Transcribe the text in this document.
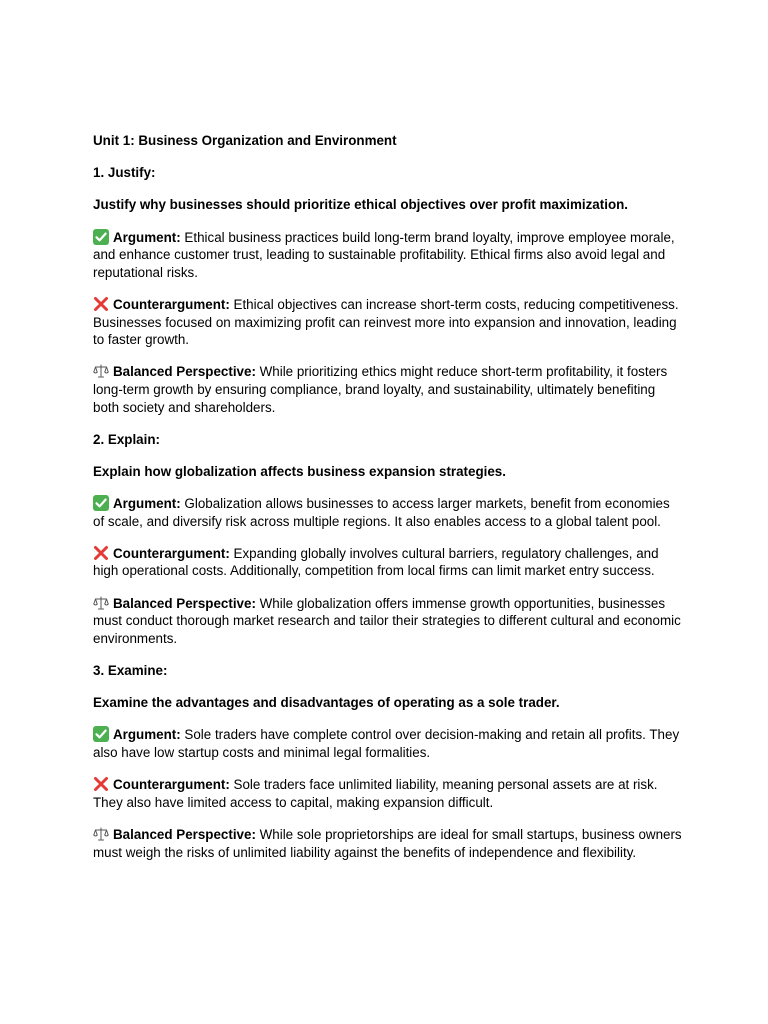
Unit 1: Business Organization and Environment

1. Justify:

Justify why businesses should prioritize ethical objectives over profit maximization.

Argument: Ethical business practices build long-term brand loyalty, improve employee morale, and enhance customer trust, leading to sustainable profitability. Ethical firms also avoid legal and reputational risks.

Counterargument: Ethical objectives can increase short-term costs, reducing competitiveness. Businesses focused on maximizing profit can reinvest more into expansion and innovation, leading to faster growth.

Balanced Perspective: While prioritizing ethics might reduce short-term profitability, it fosters long-term growth by ensuring compliance, brand loyalty, and sustainability, ultimately benefiting both society and shareholders.

2. Explain:

Explain how globalization affects business expansion strategies.

Argument: Globalization allows businesses to access larger markets, benefit from economies of scale, and diversify risk across multiple regions. It also enables access to a global talent pool.

Counterargument: Expanding globally involves cultural barriers, regulatory challenges, and high operational costs. Additionally, competition from local firms can limit market entry success.

Balanced Perspective: While globalization offers immense growth opportunities, businesses must conduct thorough market research and tailor their strategies to different cultural and economic environments.

3. Examine:

Examine the advantages and disadvantages of operating as a sole trader.

Argument: Sole traders have complete control over decision-making and retain all profits. They also have low startup costs and minimal legal formalities.

Counterargument: Sole traders face unlimited liability, meaning personal assets are at risk. They also have limited access to capital, making expansion difficult.

Balanced Perspective: While sole proprietorships are ideal for small startups, business owners must weigh the risks of unlimited liability against the benefits of independence and flexibility.
